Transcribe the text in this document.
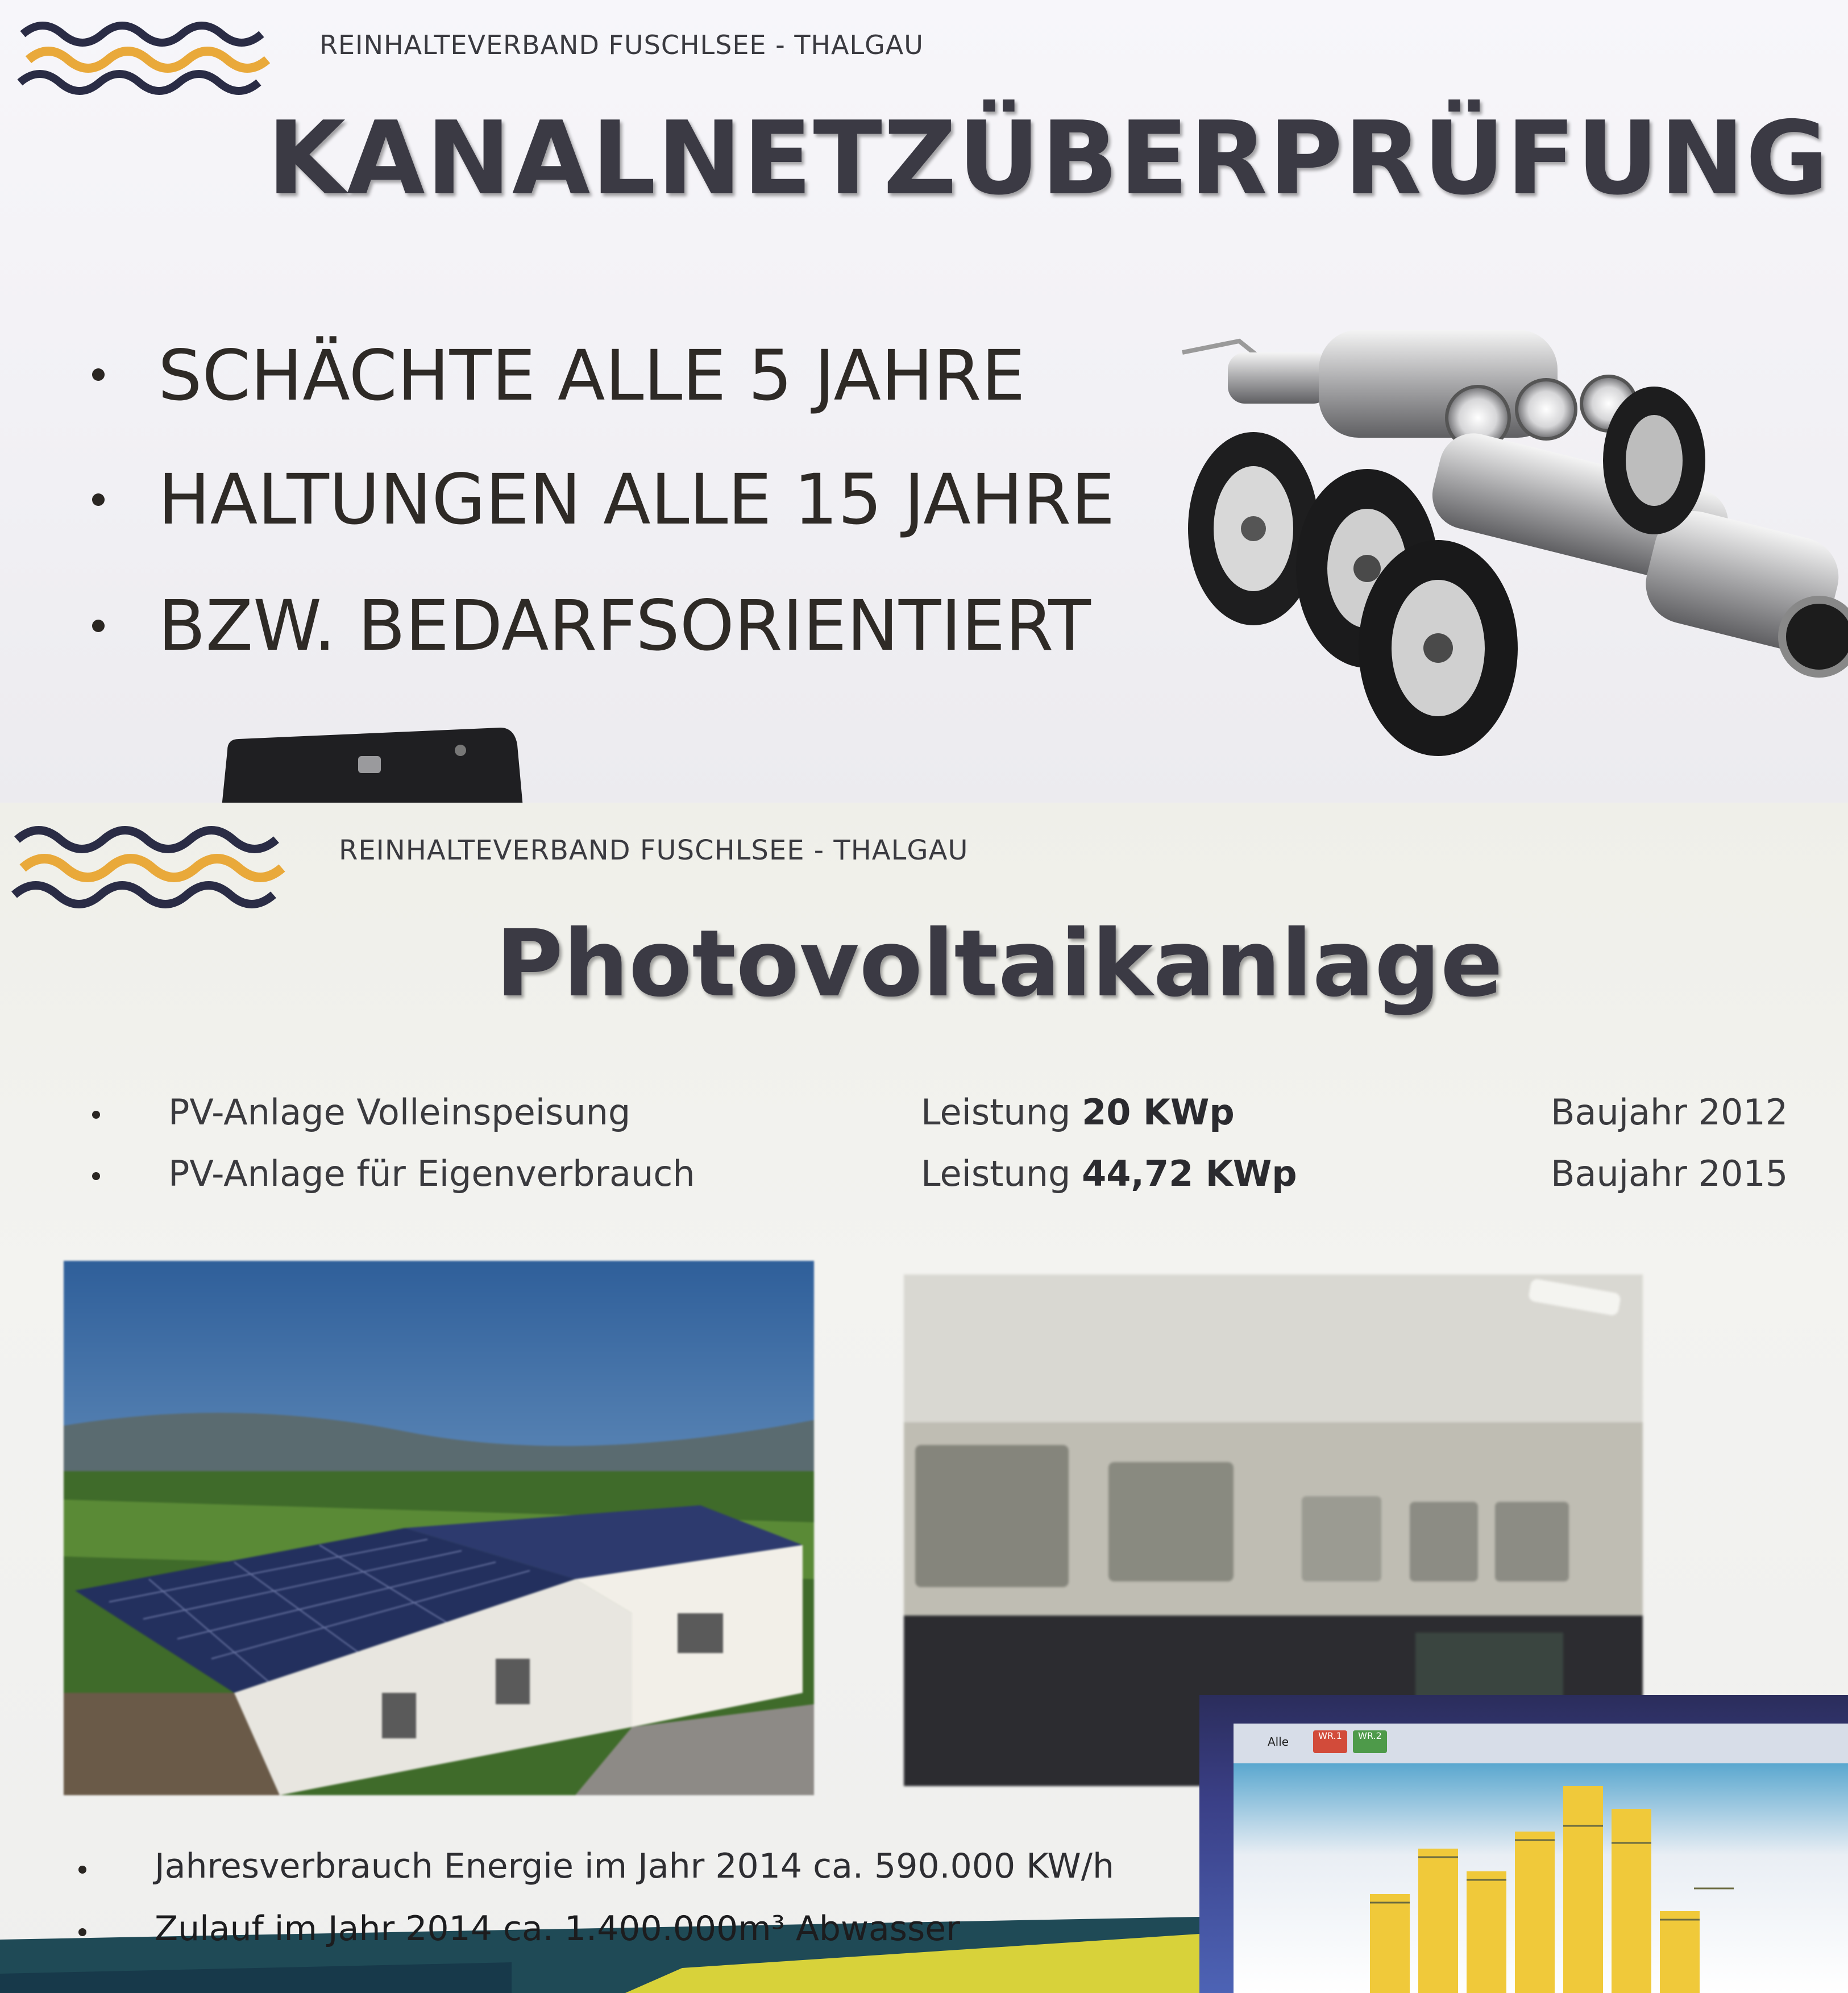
REINHALTEVERBAND FUSCHLSEE - THALGAU
KANALNETZÜBERPRÜFUNG
SCHÄCHTE ALLE 5 JAHRE
HALTUNGEN ALLE 15 JAHRE
BZW. BEDARFSORIENTIERT
REINHALTEVERBAND FUSCHLSEE - THALGAU
Photovoltaikanlage
PV-Anlage Volleinspeisung	Leistung 20 KWp	Baujahr 2012
PV-Anlage für Eigenverbrauch	Leistung 44,72 KWp	Baujahr 2015
Alle	WR.1	WR.2
Jahresverbrauch Energie im Jahr 2014 ca. 590.000 KW/h
Zulauf im Jahr 2014 ca. 1.400.000m³ Abwasser
